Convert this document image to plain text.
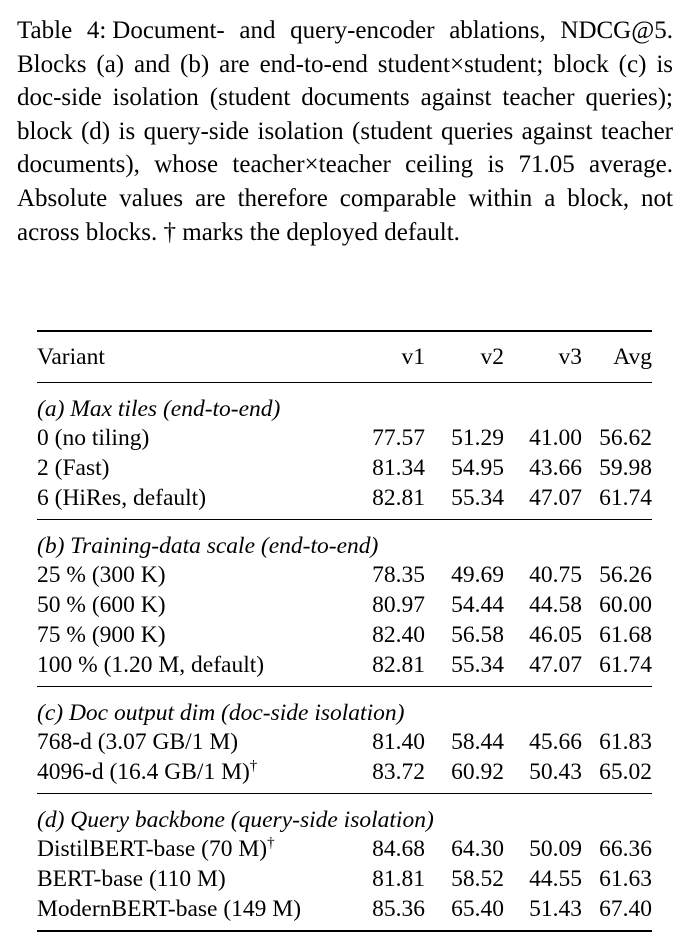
Table 4: Document- and query-encoder ablations, NDCG@5. Blocks (a) and (b) are end-to-end student×student; block (c) is doc-side isolation (student documents against teacher queries); block (d) is query-side isolation (student queries against teacher documents), whose teacher×teacher ceiling is 71.05 average. Absolute values are therefore comparable within a block, not across blocks. † marks the deployed default.
Variant	v1	v2	v3	Avg
(a) Max tiles (end-to-end)				
0 (no tiling)	77.57	51.29	41.00	56.62
2 (Fast)	81.34	54.95	43.66	59.98
6 (HiRes, default)	82.81	55.34	47.07	61.74
(b) Training-data scale (end-to-end)				
25 % (300 K)	78.35	49.69	40.75	56.26
50 % (600 K)	80.97	54.44	44.58	60.00
75 % (900 K)	82.40	56.58	46.05	61.68
100 % (1.20 M, default)	82.81	55.34	47.07	61.74
(c) Doc output dim (doc-side isolation)				
768-d (3.07 GB/1 M)	81.40	58.44	45.66	61.83
4096-d (16.4 GB/1 M)†	83.72	60.92	50.43	65.02
(d) Query backbone (query-side isolation)				
DistilBERT-base (70 M)†	84.68	64.30	50.09	66.36
BERT-base (110 M)	81.81	58.52	44.55	61.63
ModernBERT-base (149 M)	85.36	65.40	51.43	67.40
